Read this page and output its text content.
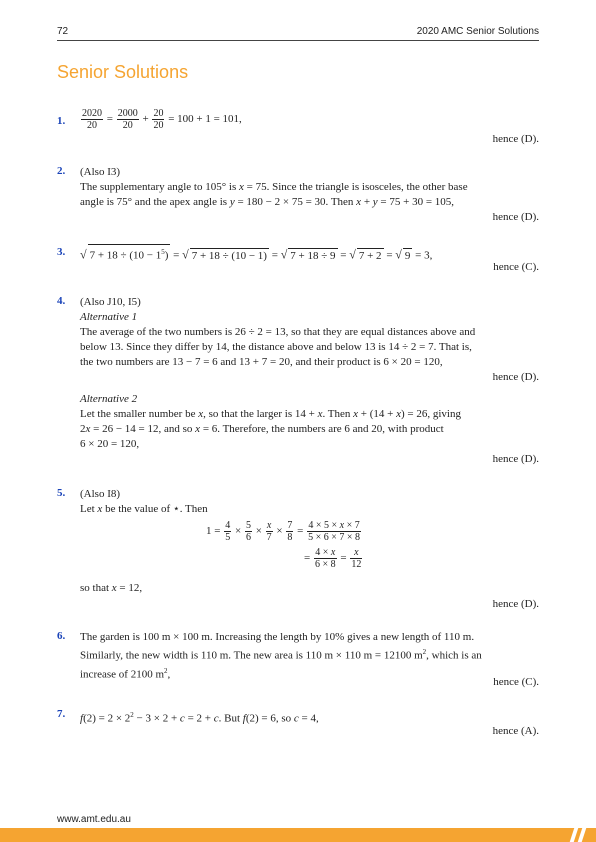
72	2020 AMC Senior Solutions
Senior Solutions
1. $\frac{2020}{20} = \frac{2000}{20} + \frac{20}{20} = 100 + 1 = 101$,
hence (D).
2. (Also I3)
The supplementary angle to 105° is x = 75. Since the triangle is isosceles, the other base
angle is 75° and the apex angle is y = 180 − 2 × 75 = 30. Then x + y = 75 + 30 = 105,
hence (D).
3. √ $7 + 18 \div (10 - 1^5)$ = √ 7 + 18 ÷ (10 − 1) = √ 7 + 18 ÷ 9 = √ 7 + 2 = √ 9 = 3,
hence (C).
4. (Also J10, I5)
Alternative 1
The average of the two numbers is 26 ÷ 2 = 13, so that they are equal distances above and
below 13. Since they differ by 14, the distance above and below 13 is 14 ÷ 2 = 7. That is,
the two numbers are 13 − 7 = 6 and 13 + 7 = 20, and their product is 6 × 20 = 120,
hence (D).
Alternative 2
Let the smaller number be x, so that the larger is 14 + x. Then x + (14 + x) = 26, giving
2x = 26 − 14 = 12, and so x = 6. Therefore, the numbers are 6 and 20, with product
6 × 20 = 120,
hence (D).
5. (Also I8)
Let x be the value of ⋆. Then
$1 = \frac{4}{5} \times \frac{5}{6} \times \frac{x}{7} \times \frac{7}{8} = \frac{4 \times 5 \times x \times 7}{5 \times 6 \times 7 \times 8}$
= $\frac{4 \times x}{6 \times 8} = \frac{x}{12}$
so that x = 12,
hence (D).
6. The garden is 100 m × 100 m. Increasing the length by 10% gives a new length of 110 m.
Similarly, the new width is 110 m. The new area is 110 m × 110 m = 12100 $m^2$, which is an
increase of 2100 $m^2$,
hence (C).
7. $f(2) = 2 \times 2^2 - 3 \times 2 + c = 2 + c$. But f(2) = 6, so c = 4,
hence (A).
www.amt.edu.au
